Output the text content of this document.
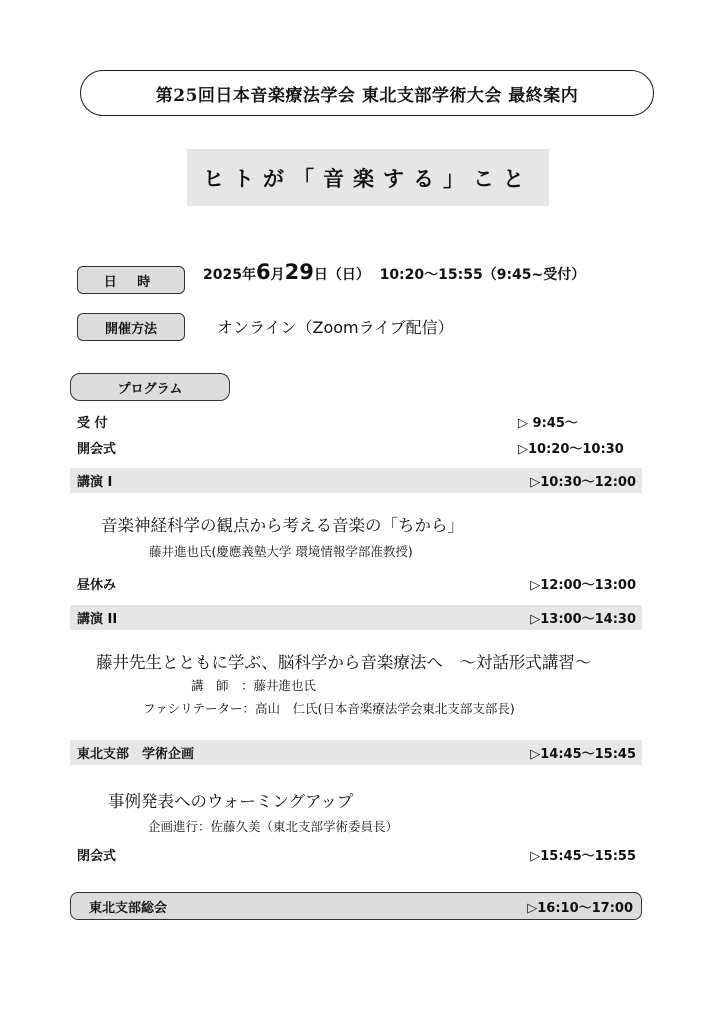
第25回日本音楽療法学会 東北支部学術大会 最終案内
ヒトが「音楽する」こと
日 時	2025年6月29日（日） 10:20～15:55（9:45~受付）
開催方法	オンライン（Zoomライブ配信）
プログラム
受 付	▷ 9:45～
開会式	▷10:20～10:30
講演 I	▷10:30～12:00
音楽神経科学の観点から考える音楽の「ちから」
藤井進也氏(慶應義塾大学 環境情報学部准教授)
昼休み	▷12:00～13:00
講演 II	▷13:00～14:30
藤井先生とともに学ぶ、脳科学から音楽療法へ　～対話形式講習～
講　師　：藤井進也氏
ファシリテーター：高山　仁氏(日本音楽療法学会東北支部支部長)
東北支部　学術企画	▷14:45～15:45
事例発表へのウォーミングアップ
企画進行：佐藤久美（東北支部学術委員長）
閉会式	▷15:45～15:55
東北支部総会	▷16:10～17:00
